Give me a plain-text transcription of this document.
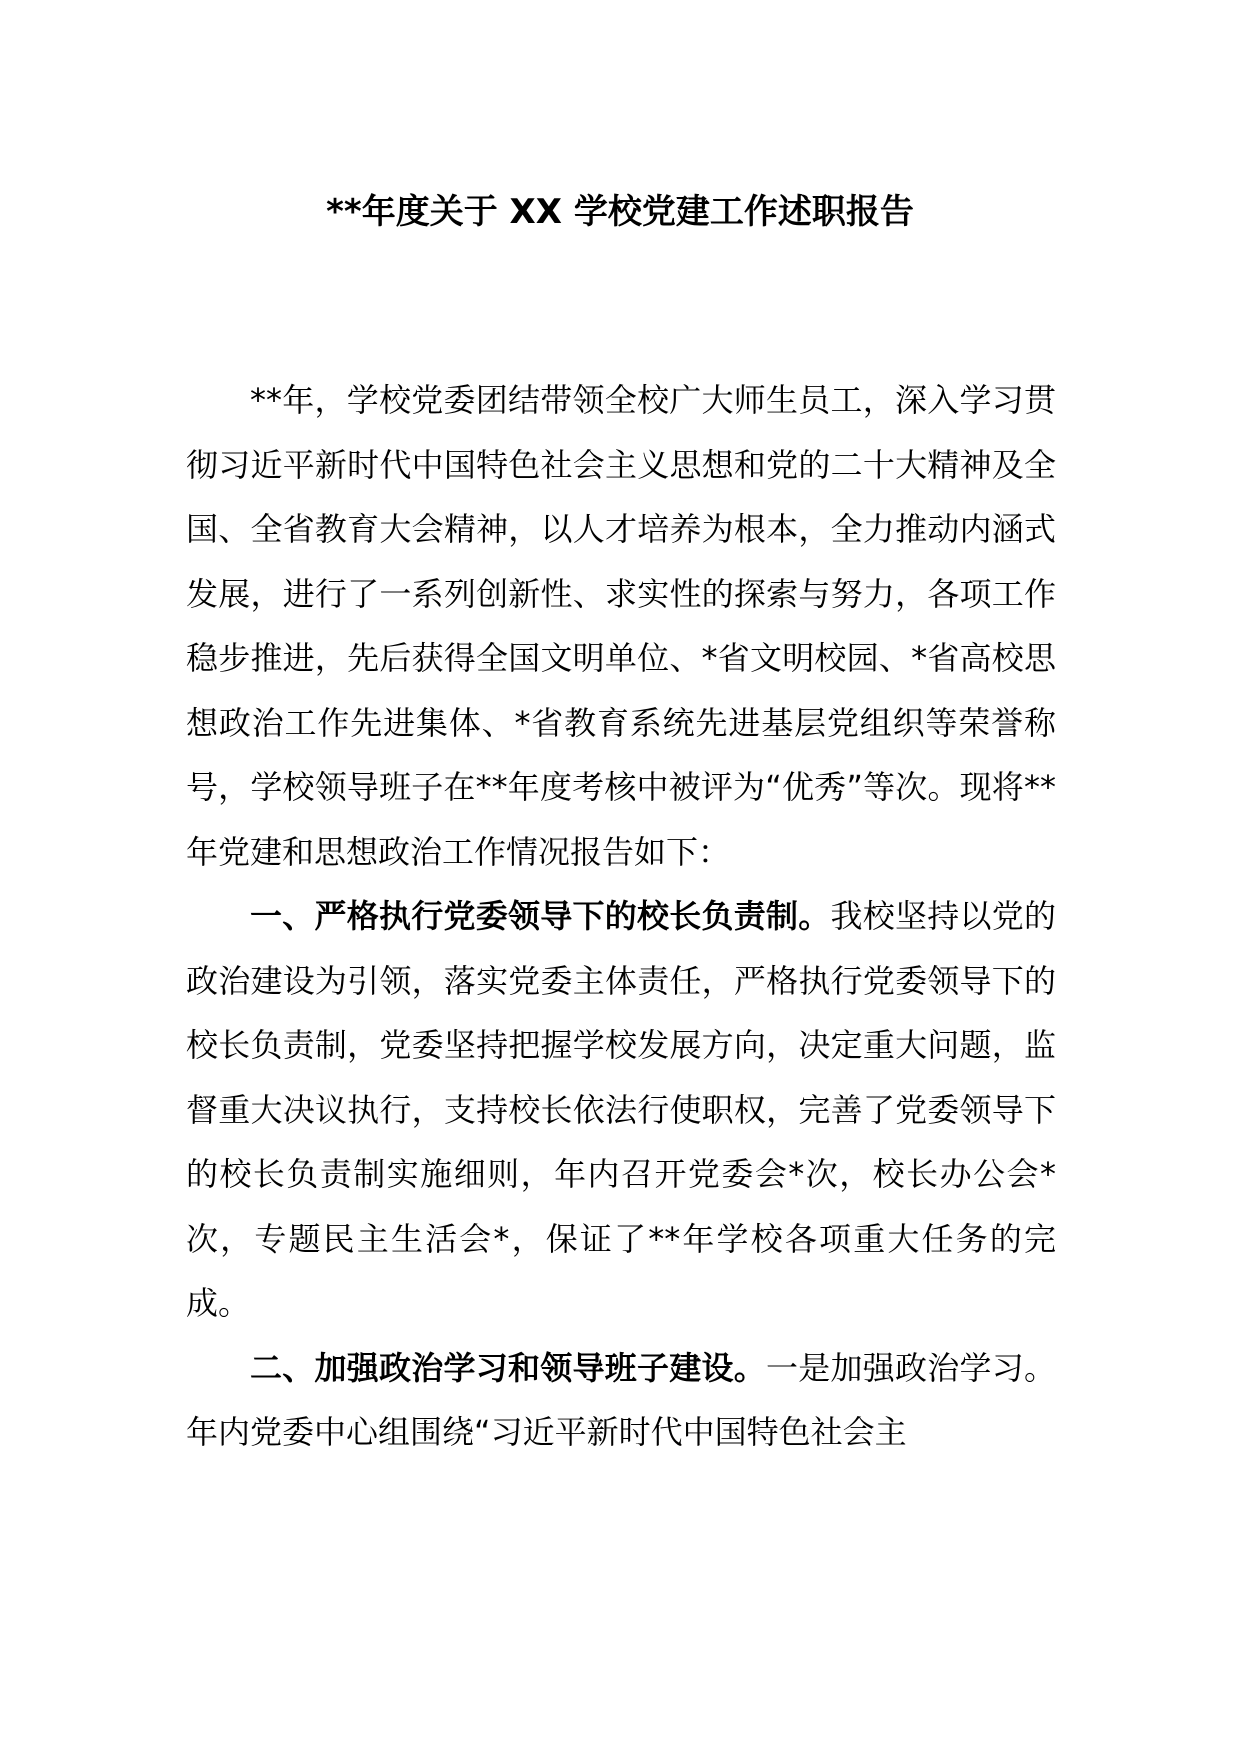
**年度关于 XX 学校党建工作述职报告

**年，学校党委团结带领全校广大师生员工，深入学习贯彻习近平新时代中国特色社会主义思想和党的二十大精神及全国、全省教育大会精神，以人才培养为根本，全力推动内涵式发展，进行了一系列创新性、求实性的探索与努力，各项工作稳步推进，先后获得全国文明单位、*省文明校园、*省高校思想政治工作先进集体、*省教育系统先进基层党组织等荣誉称号，学校领导班子在**年度考核中被评为“优秀”等次。现将**年党建和思想政治工作情况报告如下：

一、严格执行党委领导下的校长负责制。我校坚持以党的政治建设为引领，落实党委主体责任，严格执行党委领导下的校长负责制，党委坚持把握学校发展方向，决定重大问题，监督重大决议执行，支持校长依法行使职权，完善了党委领导下的校长负责制实施细则，年内召开党委会*次，校长办公会*次，专题民主生活会*，保证了**年学校各项重大任务的完成。

二、加强政治学习和领导班子建设。一是加强政治学习。年内党委中心组围绕“习近平新时代中国特色社会主
